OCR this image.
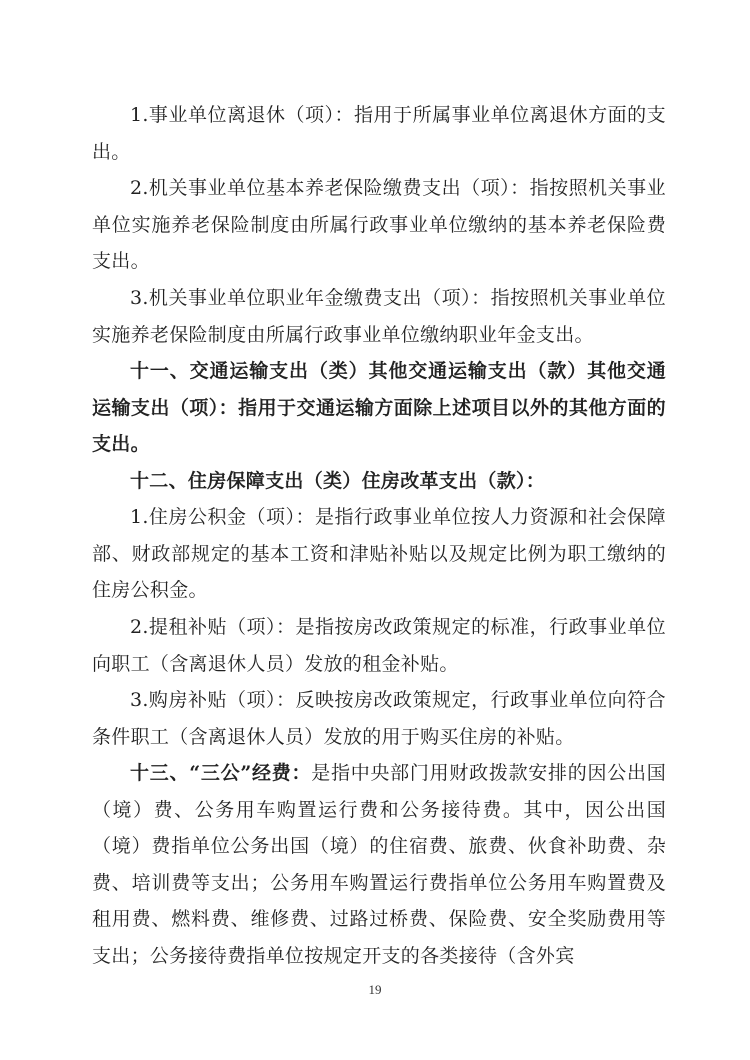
1.事业单位离退休（项）：指用于所属事业单位离退休方面的支出。

2.机关事业单位基本养老保险缴费支出（项）：指按照机关事业单位实施养老保险制度由所属行政事业单位缴纳的基本养老保险费支出。

3.机关事业单位职业年金缴费支出（项）：指按照机关事业单位实施养老保险制度由所属行政事业单位缴纳职业年金支出。

十一、交通运输支出（类）其他交通运输支出（款）其他交通运输支出（项）：指用于交通运输方面除上述项目以外的其他方面的支出。

十二、住房保障支出（类）住房改革支出（款）：

1.住房公积金（项）：是指行政事业单位按人力资源和社会保障部、财政部规定的基本工资和津贴补贴以及规定比例为职工缴纳的住房公积金。

2.提租补贴（项）：是指按房改政策规定的标准，行政事业单位向职工（含离退休人员）发放的租金补贴。

3.购房补贴（项）：反映按房改政策规定，行政事业单位向符合条件职工（含离退休人员）发放的用于购买住房的补贴。

十三、“三公”经费：是指中央部门用财政拨款安排的因公出国（境）费、公务用车购置运行费和公务接待费。其中，因公出国（境）费指单位公务出国（境）的住宿费、旅费、伙食补助费、杂费、培训费等支出；公务用车购置运行费指单位公务用车购置费及租用费、燃料费、维修费、过路过桥费、保险费、安全奖励费用等支出；公务接待费指单位按规定开支的各类接待（含外宾

19
